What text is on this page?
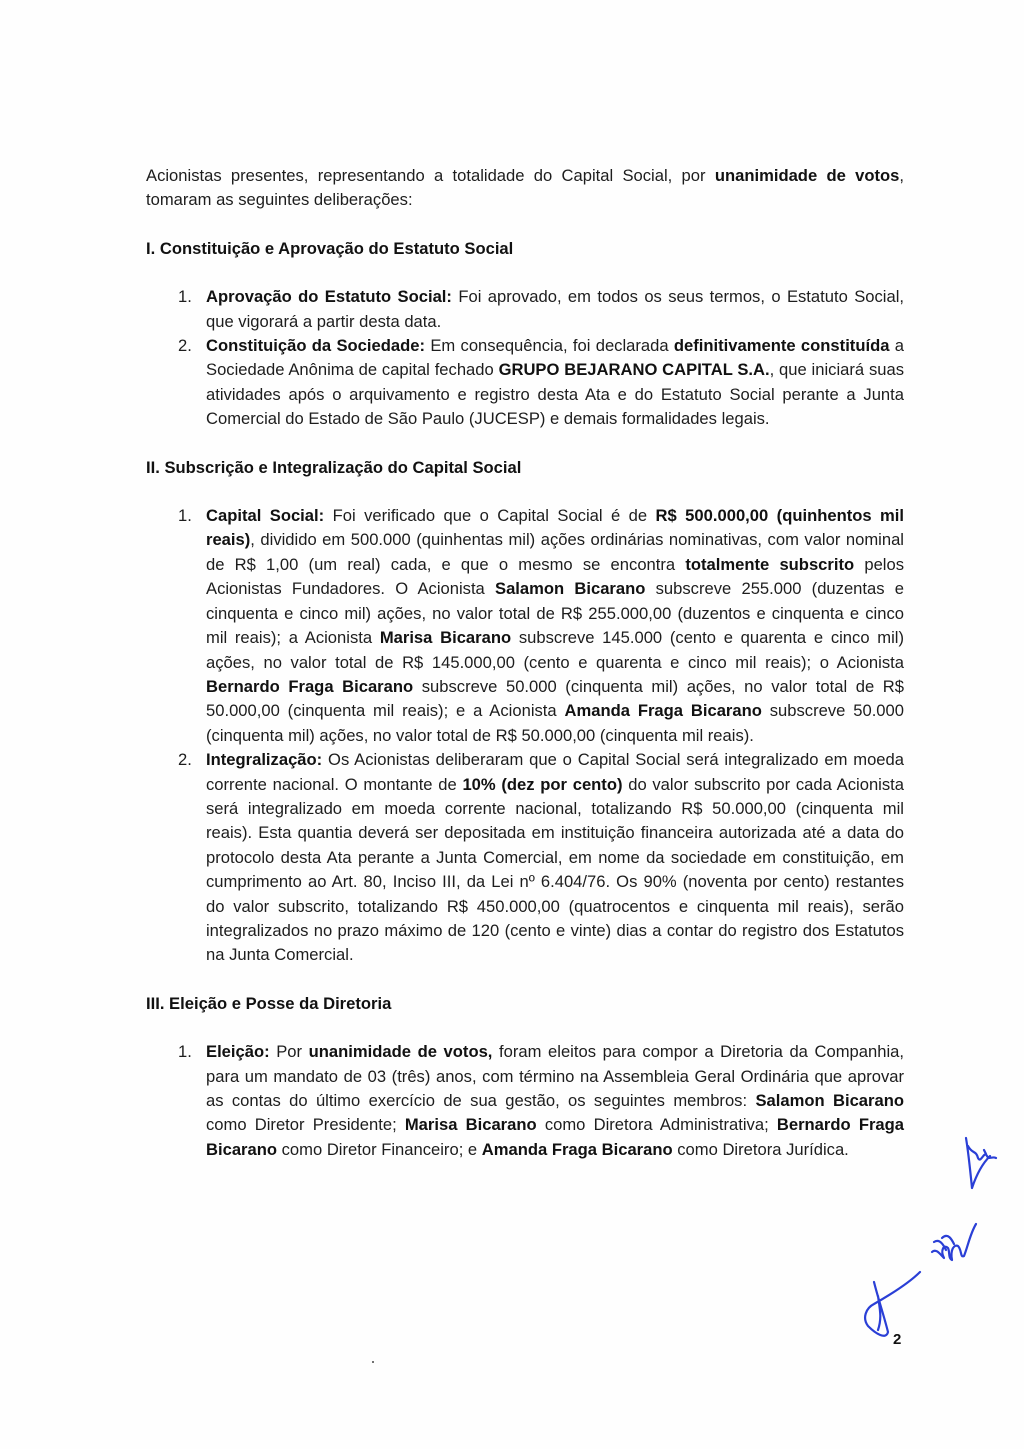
Acionistas presentes, representando a totalidade do Capital Social, por unanimidade de votos, tomaram as seguintes deliberações:

I. Constituição e Aprovação do Estatuto Social
1. Aprovação do Estatuto Social: Foi aprovado, em todos os seus termos, o Estatuto Social, que vigorará a partir desta data.
2. Constituição da Sociedade: Em consequência, foi declarada definitivamente constituída a Sociedade Anônima de capital fechado GRUPO BEJARANO CAPITAL S.A., que iniciará suas atividades após o arquivamento e registro desta Ata e do Estatuto Social perante a Junta Comercial do Estado de São Paulo (JUCESP) e demais formalidades legais.
II. Subscrição e Integralização do Capital Social
1. Capital Social: Foi verificado que o Capital Social é de R$ 500.000,00 (quinhentos mil reais), dividido em 500.000 (quinhentas mil) ações ordinárias nominativas, com valor nominal de R$ 1,00 (um real) cada, e que o mesmo se encontra totalmente subscrito pelos Acionistas Fundadores. O Acionista Salamon Bicarano subscreve 255.000 (duzentas e cinquenta e cinco mil) ações, no valor total de R$ 255.000,00 (duzentos e cinquenta e cinco mil reais); a Acionista Marisa Bicarano subscreve 145.000 (cento e quarenta e cinco mil) ações, no valor total de R$ 145.000,00 (cento e quarenta e cinco mil reais); o Acionista Bernardo Fraga Bicarano subscreve 50.000 (cinquenta mil) ações, no valor total de R$ 50.000,00 (cinquenta mil reais); e a Acionista Amanda Fraga Bicarano subscreve 50.000 (cinquenta mil) ações, no valor total de R$ 50.000,00 (cinquenta mil reais).
2. Integralização: Os Acionistas deliberaram que o Capital Social será integralizado em moeda corrente nacional. O montante de 10% (dez por cento) do valor subscrito por cada Acionista será integralizado em moeda corrente nacional, totalizando R$ 50.000,00 (cinquenta mil reais). Esta quantia deverá ser depositada em instituição financeira autorizada até a data do protocolo desta Ata perante a Junta Comercial, em nome da sociedade em constituição, em cumprimento ao Art. 80, Inciso III, da Lei nº 6.404/76. Os 90% (noventa por cento) restantes do valor subscrito, totalizando R$ 450.000,00 (quatrocentos e cinquenta mil reais), serão integralizados no prazo máximo de 120 (cento e vinte) dias a contar do registro dos Estatutos na Junta Comercial.
III. Eleição e Posse da Diretoria
1. Eleição: Por unanimidade de votos, foram eleitos para compor a Diretoria da Companhia, para um mandato de 03 (três) anos, com término na Assembleia Geral Ordinária que aprovar as contas do último exercício de sua gestão, os seguintes membros: Salamon Bicarano como Diretor Presidente; Marisa Bicarano como Diretora Administrativa; Bernardo Fraga Bicarano como Diretor Financeiro; e Amanda Fraga Bicarano como Diretora Jurídica.
2
